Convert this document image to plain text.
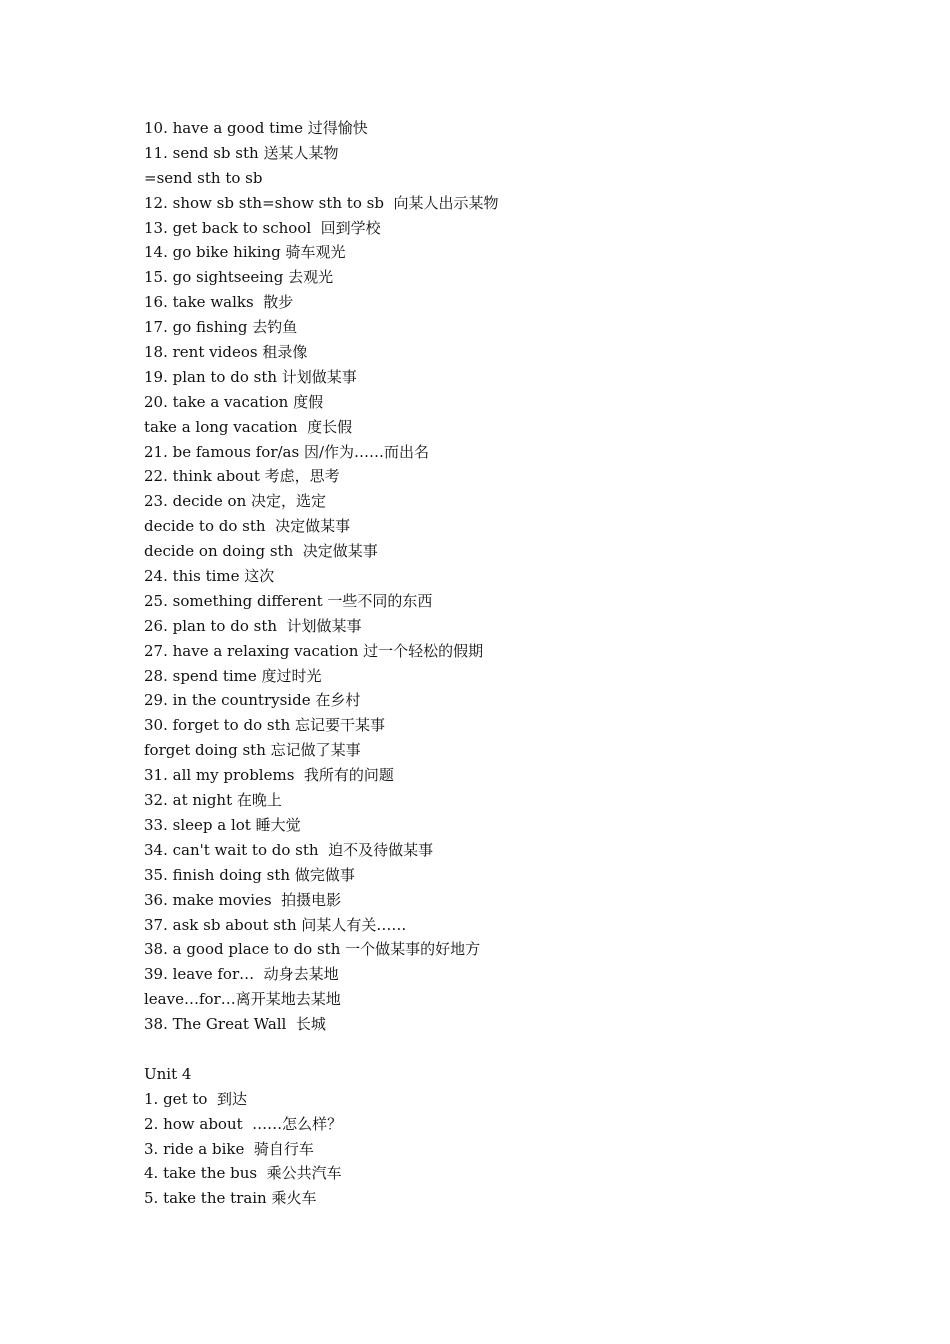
10. have a good time 过得愉快
11. send sb sth 送某人某物
=send sth to sb
12. show sb sth=show sth to sb  向某人出示某物
13. get back to school  回到学校
14. go bike hiking 骑车观光
15. go sightseeing 去观光
16. take walks  散步
17. go fishing 去钓鱼
18. rent videos 租录像
19. plan to do sth 计划做某事
20. take a vacation 度假
take a long vacation  度长假
21. be famous for/as 因/作为……而出名
22. think about 考虑，思考
23. decide on 决定，选定
decide to do sth  决定做某事
decide on doing sth  决定做某事
24. this time 这次
25. something different 一些不同的东西
26. plan to do sth  计划做某事
27. have a relaxing vacation 过一个轻松的假期
28. spend time 度过时光
29. in the countryside 在乡村
30. forget to do sth 忘记要干某事
forget doing sth 忘记做了某事
31. all my problems  我所有的问题
32. at night 在晚上
33. sleep a lot 睡大觉
34. can't wait to do sth  迫不及待做某事
35. finish doing sth 做完做事
36. make movies  拍摄电影
37. ask sb about sth 问某人有关……
38. a good place to do sth 一个做某事的好地方
39. leave for…  动身去某地
leave…for…离开某地去某地
38. The Great Wall  长城
Unit 4
1. get to  到达
2. how about  ……怎么样？
3. ride a bike  骑自行车
4. take the bus  乘公共汽车
5. take the train 乘火车
